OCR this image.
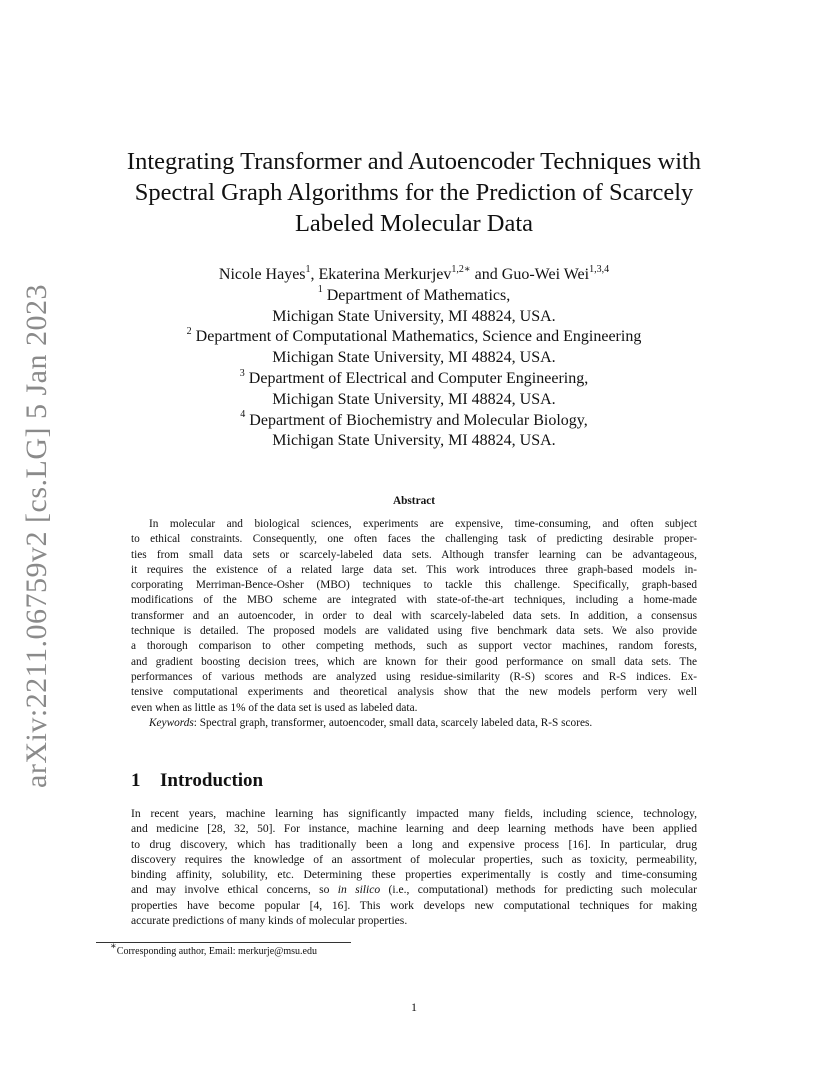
arXiv:2211.06759v2 [cs.LG] 5 Jan 2023
Integrating Transformer and Autoencoder Techniques with
Spectral Graph Algorithms for the Prediction of Scarcely
Labeled Molecular Data
Nicole Hayes$^1$, Ekaterina Merkurjev$^{1,2∗}$ and Guo-Wei Wei$^{1,3,4}$
$^1$ Department of Mathematics,
Michigan State University, MI 48824, USA.
$^2$ Department of Computational Mathematics, Science and Engineering
Michigan State University, MI 48824, USA.
$^3$ Department of Electrical and Computer Engineering,
Michigan State University, MI 48824, USA.
$^4$ Department of Biochemistry and Molecular Biology,
Michigan State University, MI 48824, USA.
Abstract
In molecular and biological sciences, experiments are expensive, time-consuming, and often subject
to ethical constraints. Consequently, one often faces the challenging task of predicting desirable proper-
ties from small data sets or scarcely-labeled data sets. Although transfer learning can be advantageous,
it requires the existence of a related large data set. This work introduces three graph-based models in-
corporating Merriman-Bence-Osher (MBO) techniques to tackle this challenge. Specifically, graph-based
modifications of the MBO scheme are integrated with state-of-the-art techniques, including a home-made
transformer and an autoencoder, in order to deal with scarcely-labeled data sets. In addition, a consensus
technique is detailed. The proposed models are validated using five benchmark data sets. We also provide
a thorough comparison to other competing methods, such as support vector machines, random forests,
and gradient boosting decision trees, which are known for their good performance on small data sets. The
performances of various methods are analyzed using residue-similarity (R-S) scores and R-S indices. Ex-
tensive computational experiments and theoretical analysis show that the new models perform very well
even when as little as 1% of the data set is used as labeled data.
Keywords: Spectral graph, transformer, autoencoder, small data, scarcely labeled data, R-S scores.
1 Introduction
In recent years, machine learning has significantly impacted many fields, including science, technology,
and medicine [28, 32, 50]. For instance, machine learning and deep learning methods have been applied
to drug discovery, which has traditionally been a long and expensive process [16]. In particular, drug
discovery requires the knowledge of an assortment of molecular properties, such as toxicity, permeability,
binding affinity, solubility, etc. Determining these properties experimentally is costly and time-consuming
and may involve ethical concerns, so in silico (i.e., computational) methods for predicting such molecular
properties have become popular [4, 16]. This work develops new computational techniques for making
accurate predictions of many kinds of molecular properties.
∗Corresponding author, Email: merkurje@msu.edu
1
